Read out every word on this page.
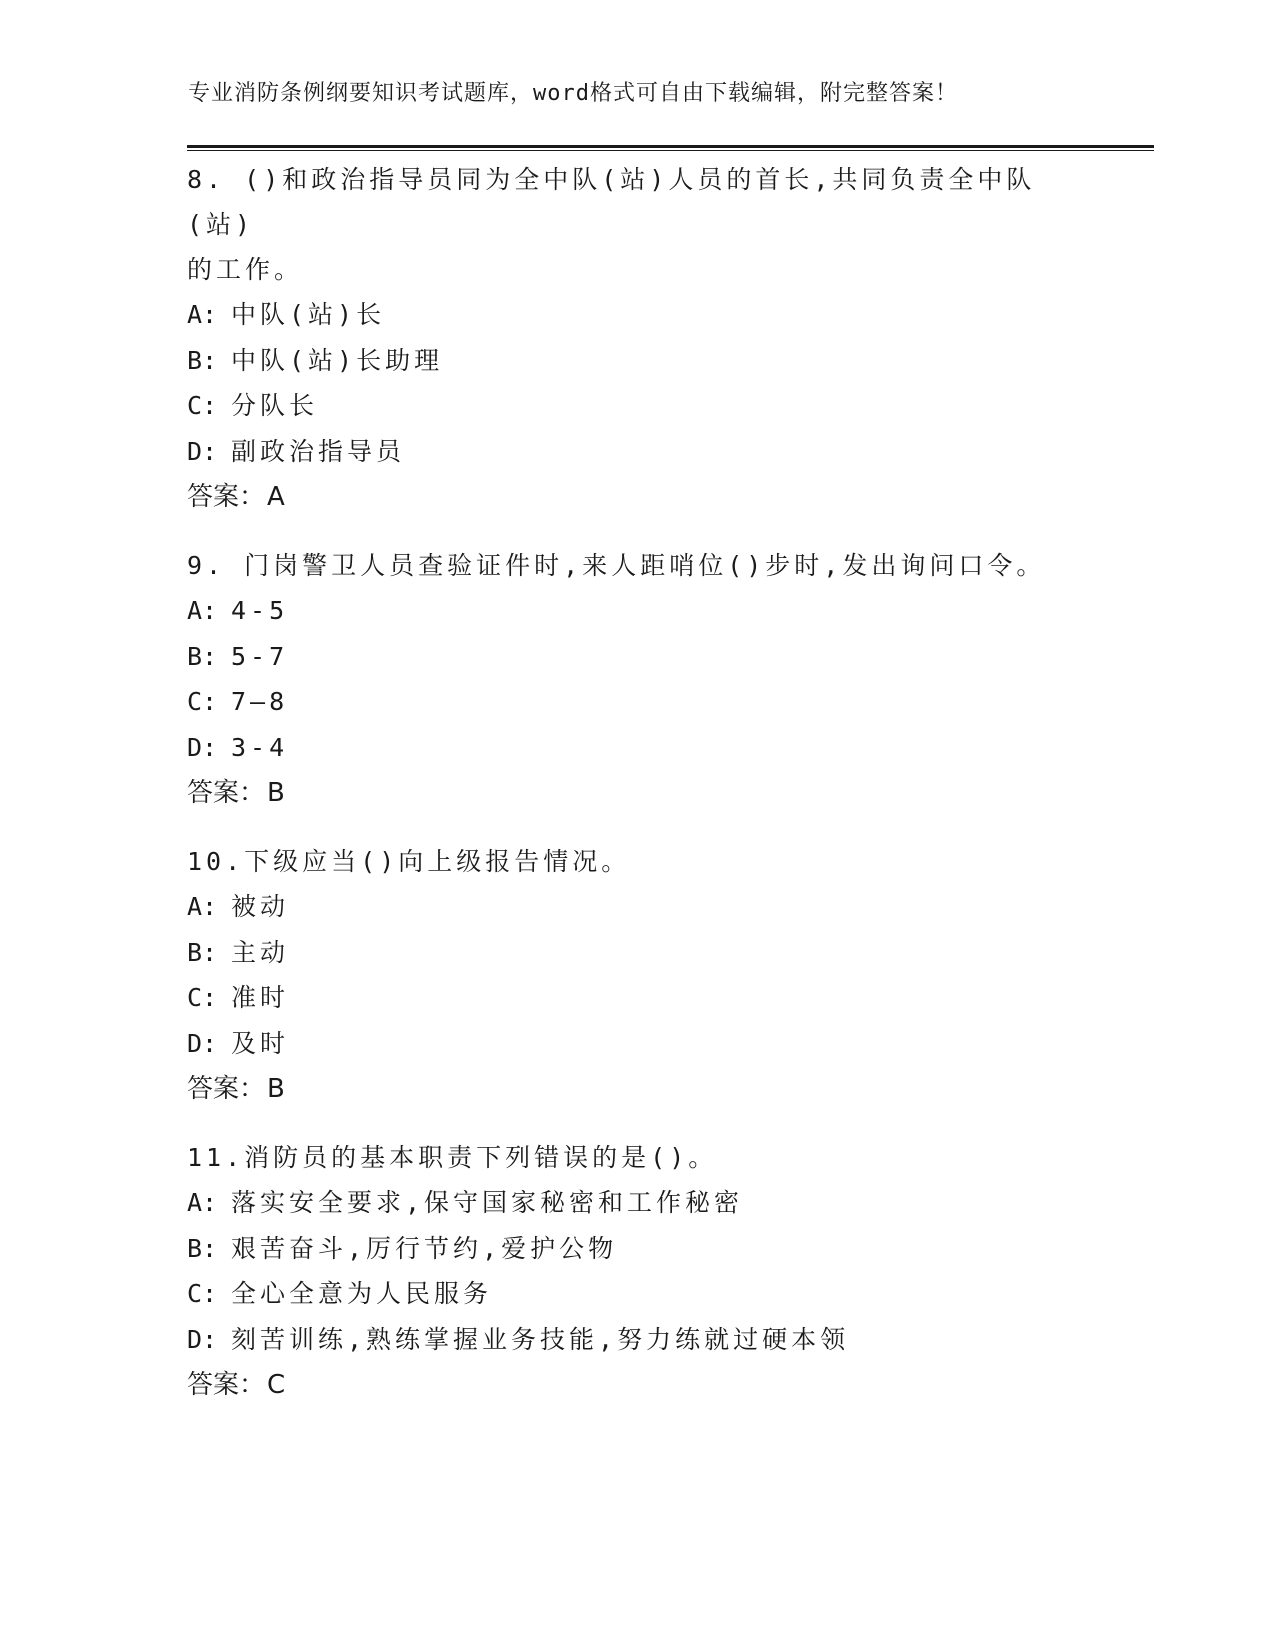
专业消防条例纲要知识考试题库，word格式可自由下载编辑，附完整答案！
8. ()和政治指导员同为全中队(站)人员的首长,共同负责全中队(站)
的工作。
A: 中队(站)长
B: 中队(站)长助理
C: 分队长
D: 副政治指导员
答案：A
9. 门岗警卫人员查验证件时,来人距哨位()步时,发出询问口令。
A: 4-5
B: 5-7
C: 7—8
D: 3-4
答案：B
10.下级应当()向上级报告情况。
A: 被动
B: 主动
C: 准时
D: 及时
答案：B
11.消防员的基本职责下列错误的是()。
A: 落实安全要求,保守国家秘密和工作秘密
B: 艰苦奋斗,厉行节约,爱护公物
C: 全心全意为人民服务
D: 刻苦训练,熟练掌握业务技能,努力练就过硬本领
答案：C
